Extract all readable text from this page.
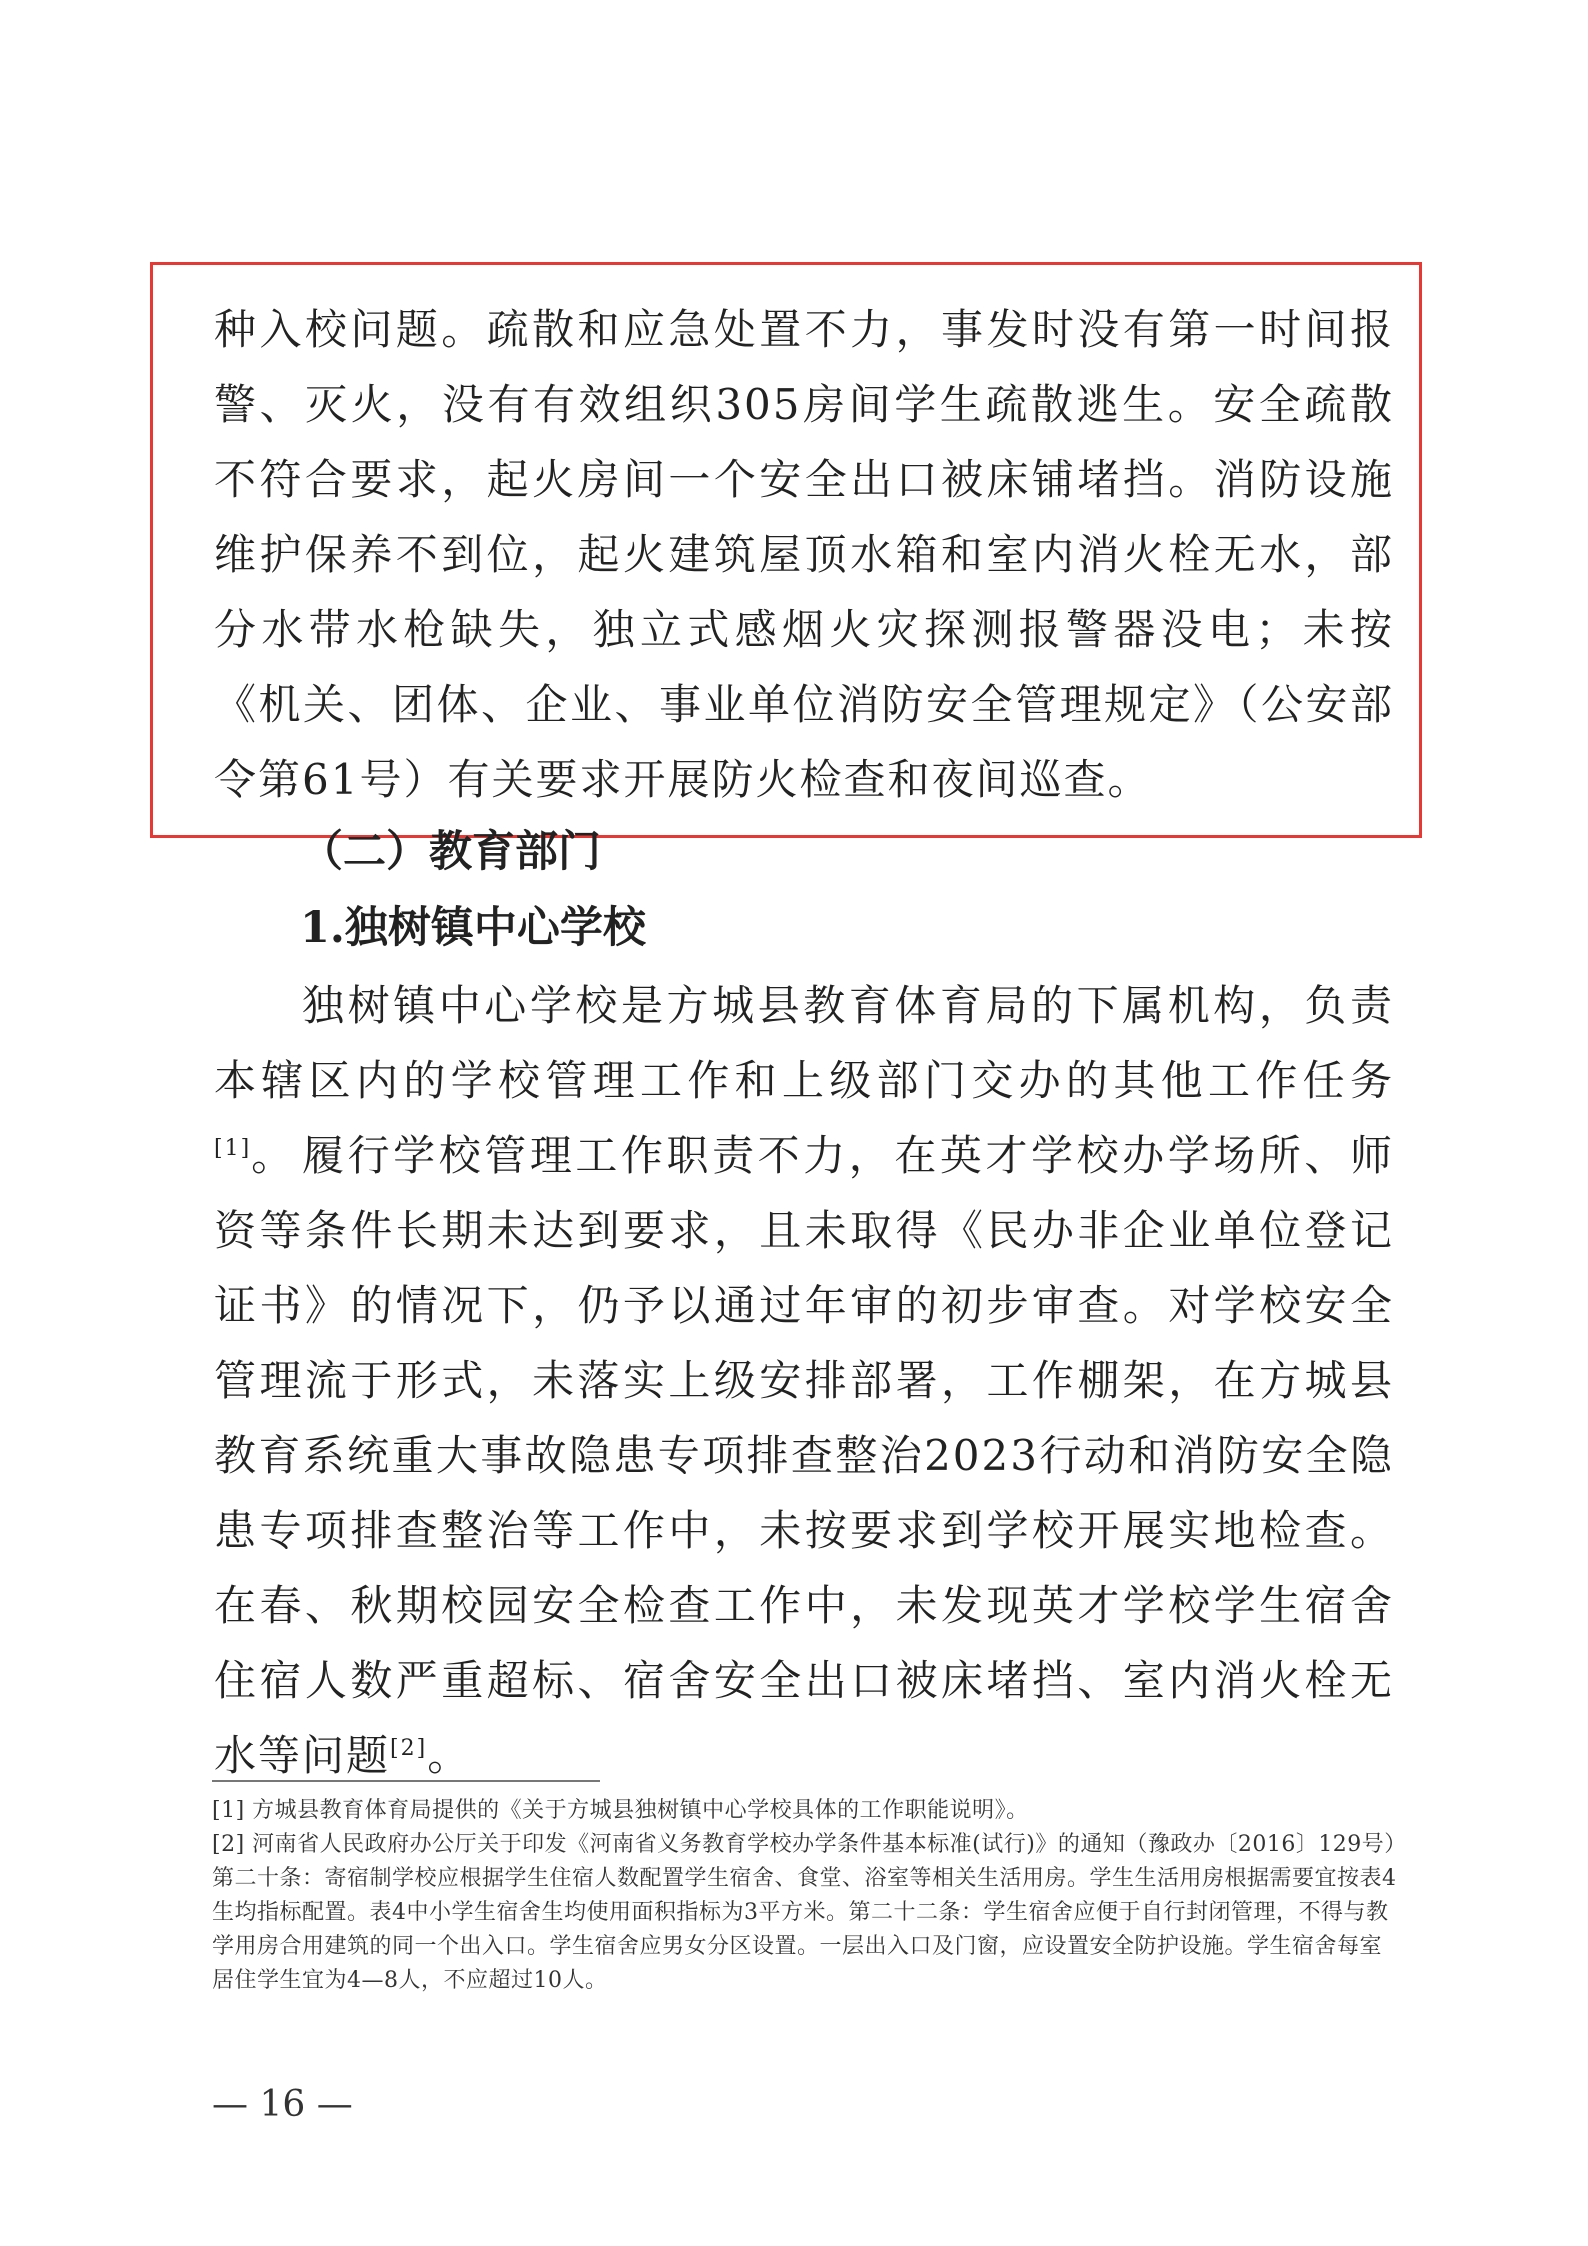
种入校问题。疏散和应急处置不力，事发时没有第一时间报警、灭火，没有有效组织305房间学生疏散逃生。安全疏散不符合要求，起火房间一个安全出口被床铺堵挡。消防设施维护保养不到位，起火建筑屋顶水箱和室内消火栓无水，部分水带水枪缺失，独立式感烟火灾探测报警器没电；未按《机关、团体、企业、事业单位消防安全管理规定》（公安部令第61号）有关要求开展防火检查和夜间巡查。

（二）教育部门
1.独树镇中心学校

独树镇中心学校是方城县教育体育局的下属机构，负责本辖区内的学校管理工作和上级部门交办的其他工作任务[1]。 履行学校管理工作职责不力，在英才学校办学场所、师资等条件长期未达到要求，且未取得《民办非企业单位登记证书》的情况下，仍予以通过年审的初步审查。对学校安全管理流于形式，未落实上级安排部署，工作棚架，在方城县教育系统重大事故隐患专项排查整治2023行动和消防安全隐患专项排查整治等工作中，未按要求到学校开展实地检查。在春、秋期校园安全检查工作中，未发现英才学校学生宿舍住宿人数严重超标、宿舍安全出口被床堵挡、室内消火栓无水等问题[2]。

[1] 方城县教育体育局提供的《关于方城县独树镇中心学校具体的工作职能说明》。

[2] 河南省人民政府办公厅关于印发《河南省义务教育学校办学条件基本标准(试行)》的通知（豫政办〔2016〕129号）第二十条：寄宿制学校应根据学生住宿人数配置学生宿舍、食堂、浴室等相关生活用房。学生生活用房根据需要宜按表4生均指标配置。表4中小学生宿舍生均使用面积指标为3平方米。第二十二条：学生宿舍应便于自行封闭管理，不得与教学用房合用建筑的同一个出入口。学生宿舍应男女分区设置。一层出入口及门窗，应设置安全防护设施。学生宿舍每室居住学生宜为4—8人，不应超过10人。

— 16 —
